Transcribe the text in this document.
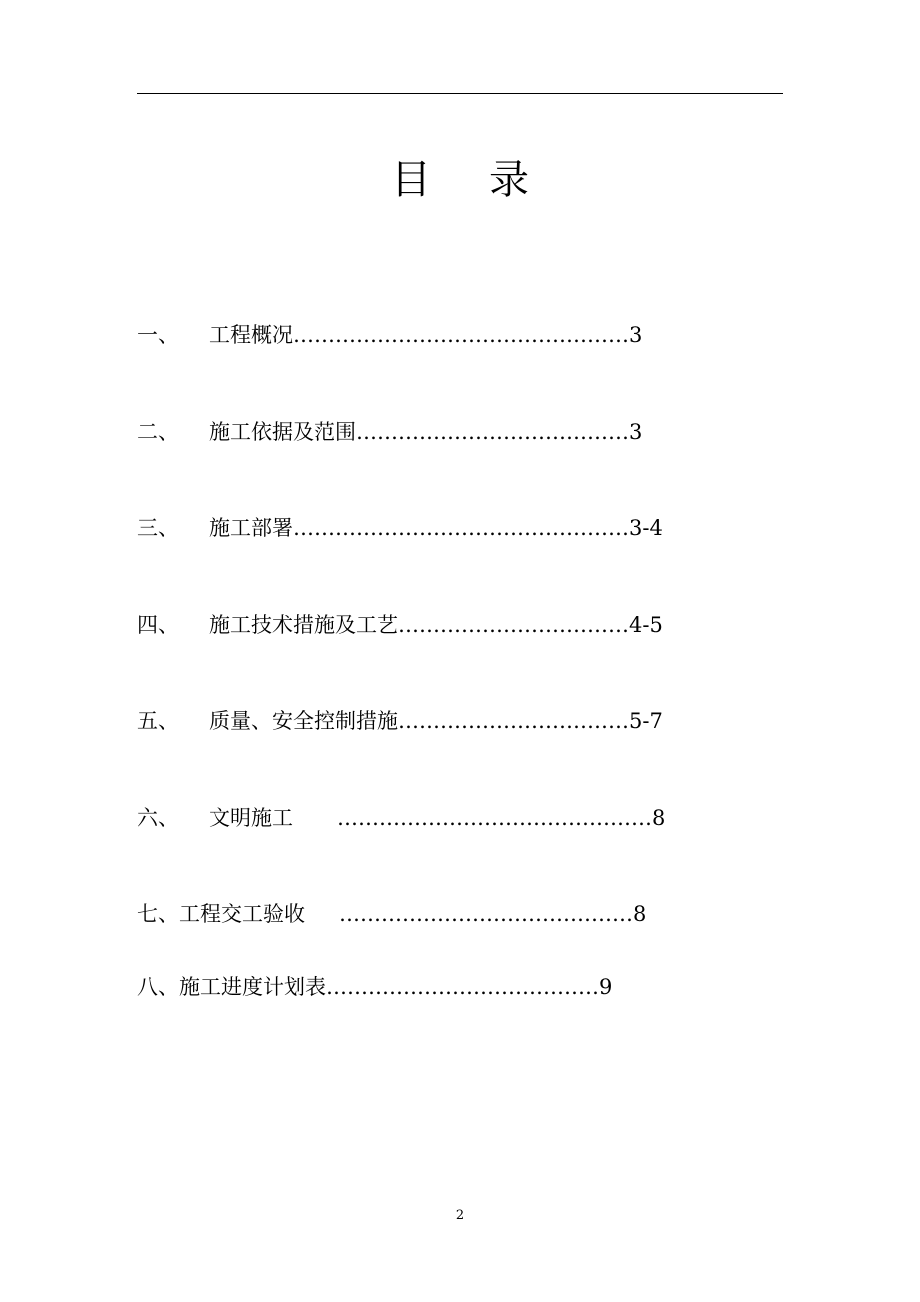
目 录
一、 工程概况…………………………………………3
二、 施工依据及范围…………………………………3
三、 施工部署…………………………………………3-4
四、 施工技术措施及工艺……………………………4-5
五、 质量、安全控制措施……………………………5-7
六、 文明施工 ………………………………………8
七、工程交工验收 ……………………………………8
八、施工进度计划表…………………………………9
2
